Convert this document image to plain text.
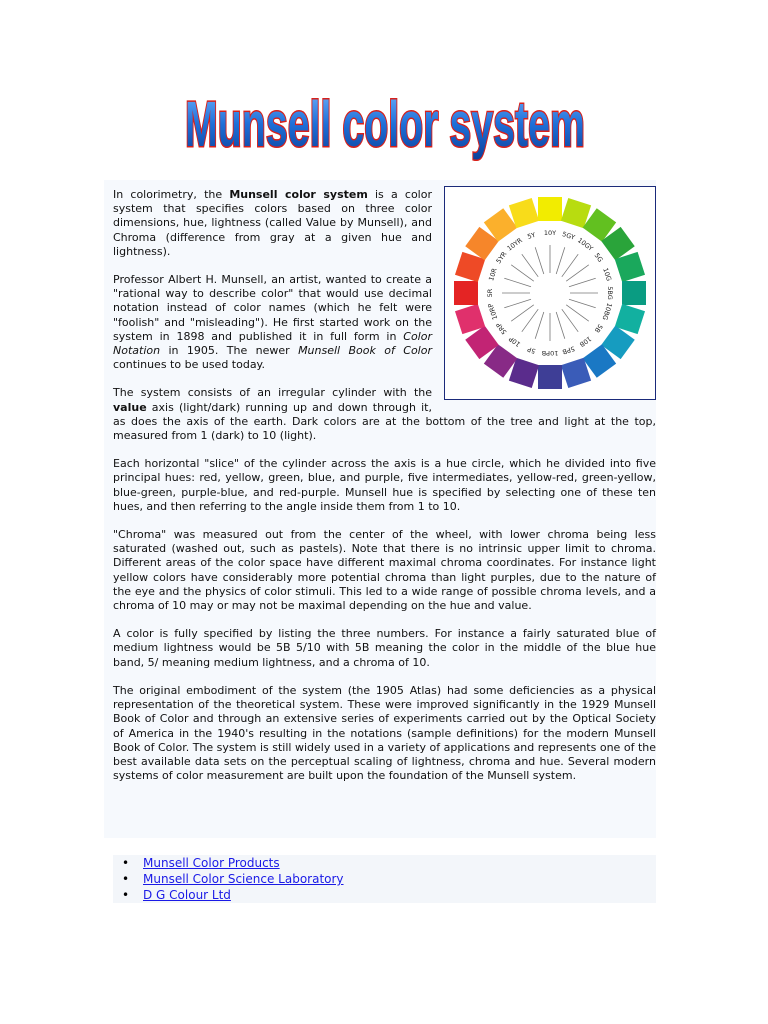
Munsell color system
10Y 5GY
10GY
5G
10G
5BG
10BG
5B
10B
5PB
10PB
5P
10P
5RP
10RP
5R
10R
5YR
10YR
5Y

In colorimetry, the Munsell color system is a color system that specifies colors based on three color dimensions, hue, lightness (called Value by Munsell), and Chroma (difference from gray at a given hue and lightness).

Professor Albert H. Munsell, an artist, wanted to create a "rational way to describe color" that would use decimal notation instead of color names (which he felt were "foolish" and "misleading"). He first started work on the system in 1898 and published it in full form in Color Notation in 1905. The newer Munsell Book of Color continues to be used today.

The system consists of an irregular cylinder with the value axis (light/dark) running up and down through it, as does the axis of the earth. Dark colors are at the bottom of the tree and light at the top, measured from 1 (dark) to 10 (light).

Each horizontal "slice" of the cylinder across the axis is a hue circle, which he divided into five principal hues: red, yellow, green, blue, and purple, five intermediates, yellow-red, green-yellow, blue-green, purple-blue, and red-purple. Munsell hue is specified by selecting one of these ten hues, and then referring to the angle inside them from 1 to 10.

"Chroma" was measured out from the center of the wheel, with lower chroma being less saturated (washed out, such as pastels). Note that there is no intrinsic upper limit to chroma. Different areas of the color space have different maximal chroma coordinates. For instance light yellow colors have considerably more potential chroma than light purples, due to the nature of the eye and the physics of color stimuli. This led to a wide range of possible chroma levels, and a chroma of 10 may or may not be maximal depending on the hue and value.

A color is fully specified by listing the three numbers. For instance a fairly saturated blue of medium lightness would be 5B 5/10 with 5B meaning the color in the middle of the blue hue band, 5/ meaning medium lightness, and a chroma of 10.

The original embodiment of the system (the 1905 Atlas) had some deficiencies as a physical representation of the theoretical system. These were improved significantly in the 1929 Munsell Book of Color and through an extensive series of experiments carried out by the Optical Society of America in the 1940's resulting in the notations (sample definitions) for the modern Munsell Book of Color. The system is still widely used in a variety of applications and represents one of the best available data sets on the perceptual scaling of lightness, chroma and hue. Several modern systems of color measurement are built upon the foundation of the Munsell system.

• Munsell Color Products
• Munsell Color Science Laboratory
• D G Colour Ltd
